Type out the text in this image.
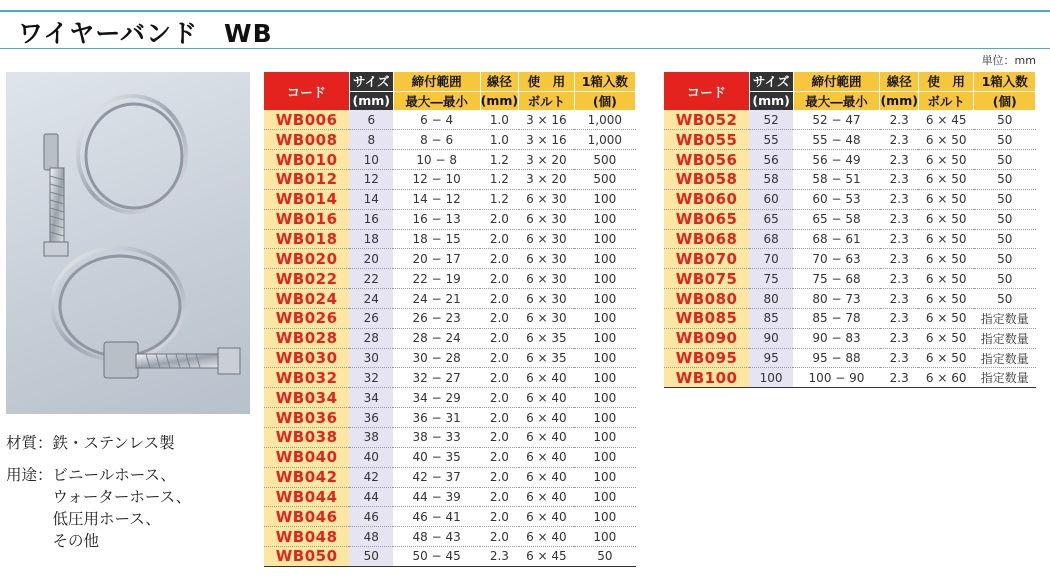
ワイヤーバンド　WB
単位：mm
材質： 鉄・ステンレス製
用途： ビニールホース、
ウォーターホース、
低圧用ホース、
その他
コード	サイズ	締付範囲	線径	使　用	1箱入数
	(mm)	最大―最小	(mm)	ボルト	(個)
WB006	6	6 − 4	1.0	3 × 16	1,000
WB008	8	8 − 6	1.0	3 × 16	1,000
WB010	10	10 − 8	1.2	3 × 20	500
WB012	12	12 − 10	1.2	3 × 20	500
WB014	14	14 − 12	1.2	6 × 30	100
WB016	16	16 − 13	2.0	6 × 30	100
WB018	18	18 − 15	2.0	6 × 30	100
WB020	20	20 − 17	2.0	6 × 30	100
WB022	22	22 − 19	2.0	6 × 30	100
WB024	24	24 − 21	2.0	6 × 30	100
WB026	26	26 − 23	2.0	6 × 30	100
WB028	28	28 − 24	2.0	6 × 35	100
WB030	30	30 − 28	2.0	6 × 35	100
WB032	32	32 − 27	2.0	6 × 40	100
WB034	34	34 − 29	2.0	6 × 40	100
WB036	36	36 − 31	2.0	6 × 40	100
WB038	38	38 − 33	2.0	6 × 40	100
WB040	40	40 − 35	2.0	6 × 40	100
WB042	42	42 − 37	2.0	6 × 40	100
WB044	44	44 − 39	2.0	6 × 40	100
WB046	46	46 − 41	2.0	6 × 40	100
WB048	48	48 − 43	2.0	6 × 40	100
WB050	50	50 − 45	2.3	6 × 45	50
コード	サイズ	締付範囲	線径	使　用	1箱入数
	(mm)	最大―最小	(mm)	ボルト	(個)
WB052	52	52 − 47	2.3	6 × 45	50
WB055	55	55 − 48	2.3	6 × 50	50
WB056	56	56 − 49	2.3	6 × 50	50
WB058	58	58 − 51	2.3	6 × 50	50
WB060	60	60 − 53	2.3	6 × 50	50
WB065	65	65 − 58	2.3	6 × 50	50
WB068	68	68 − 61	2.3	6 × 50	50
WB070	70	70 − 63	2.3	6 × 50	50
WB075	75	75 − 68	2.3	6 × 50	50
WB080	80	80 − 73	2.3	6 × 50	50
WB085	85	85 − 78	2.3	6 × 50	指定数量
WB090	90	90 − 83	2.3	6 × 50	指定数量
WB095	95	95 − 88	2.3	6 × 50	指定数量
WB100	100	100 − 90	2.3	6 × 60	指定数量
